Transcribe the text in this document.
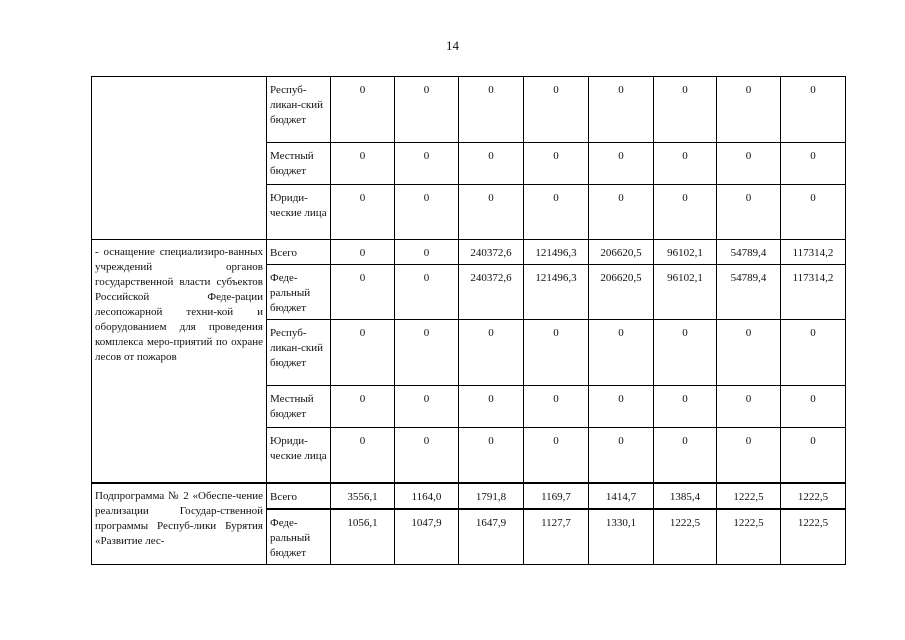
14
	Респуб-ликан-ский бюджет	0	0	0	0	0	0	0	0
	Местный бюджет	0	0	0	0	0	0	0	0
	Юриди-ческие лица	0	0	0	0	0	0	0	0
- оснащение специализиро-ванных учреждений органов государственной власти субъектов Российской Феде-рации лесопожарной техни-кой и оборудованием для проведения комплекса меро-приятий по охране лесов от пожаров	Всего	0	0	240372,6	121496,3	206620,5	96102,1	54789,4	117314,2
	Феде-ральный бюджет	0	0	240372,6	121496,3	206620,5	96102,1	54789,4	117314,2
	Респуб-ликан-ский бюджет	0	0	0	0	0	0	0	0
	Местный бюджет	0	0	0	0	0	0	0	0
	Юриди-ческие лица	0	0	0	0	0	0	0	0
Подпрограмма № 2 «Обеспе-чение реализации Государ-ственной программы Респуб-лики Бурятия «Развитие лес-	Всего	3556,1	1164,0	1791,8	1169,7	1414,7	1385,4	1222,5	1222,5
	Феде-ральный бюджет	1056,1	1047,9	1647,9	1127,7	1330,1	1222,5	1222,5	1222,5
